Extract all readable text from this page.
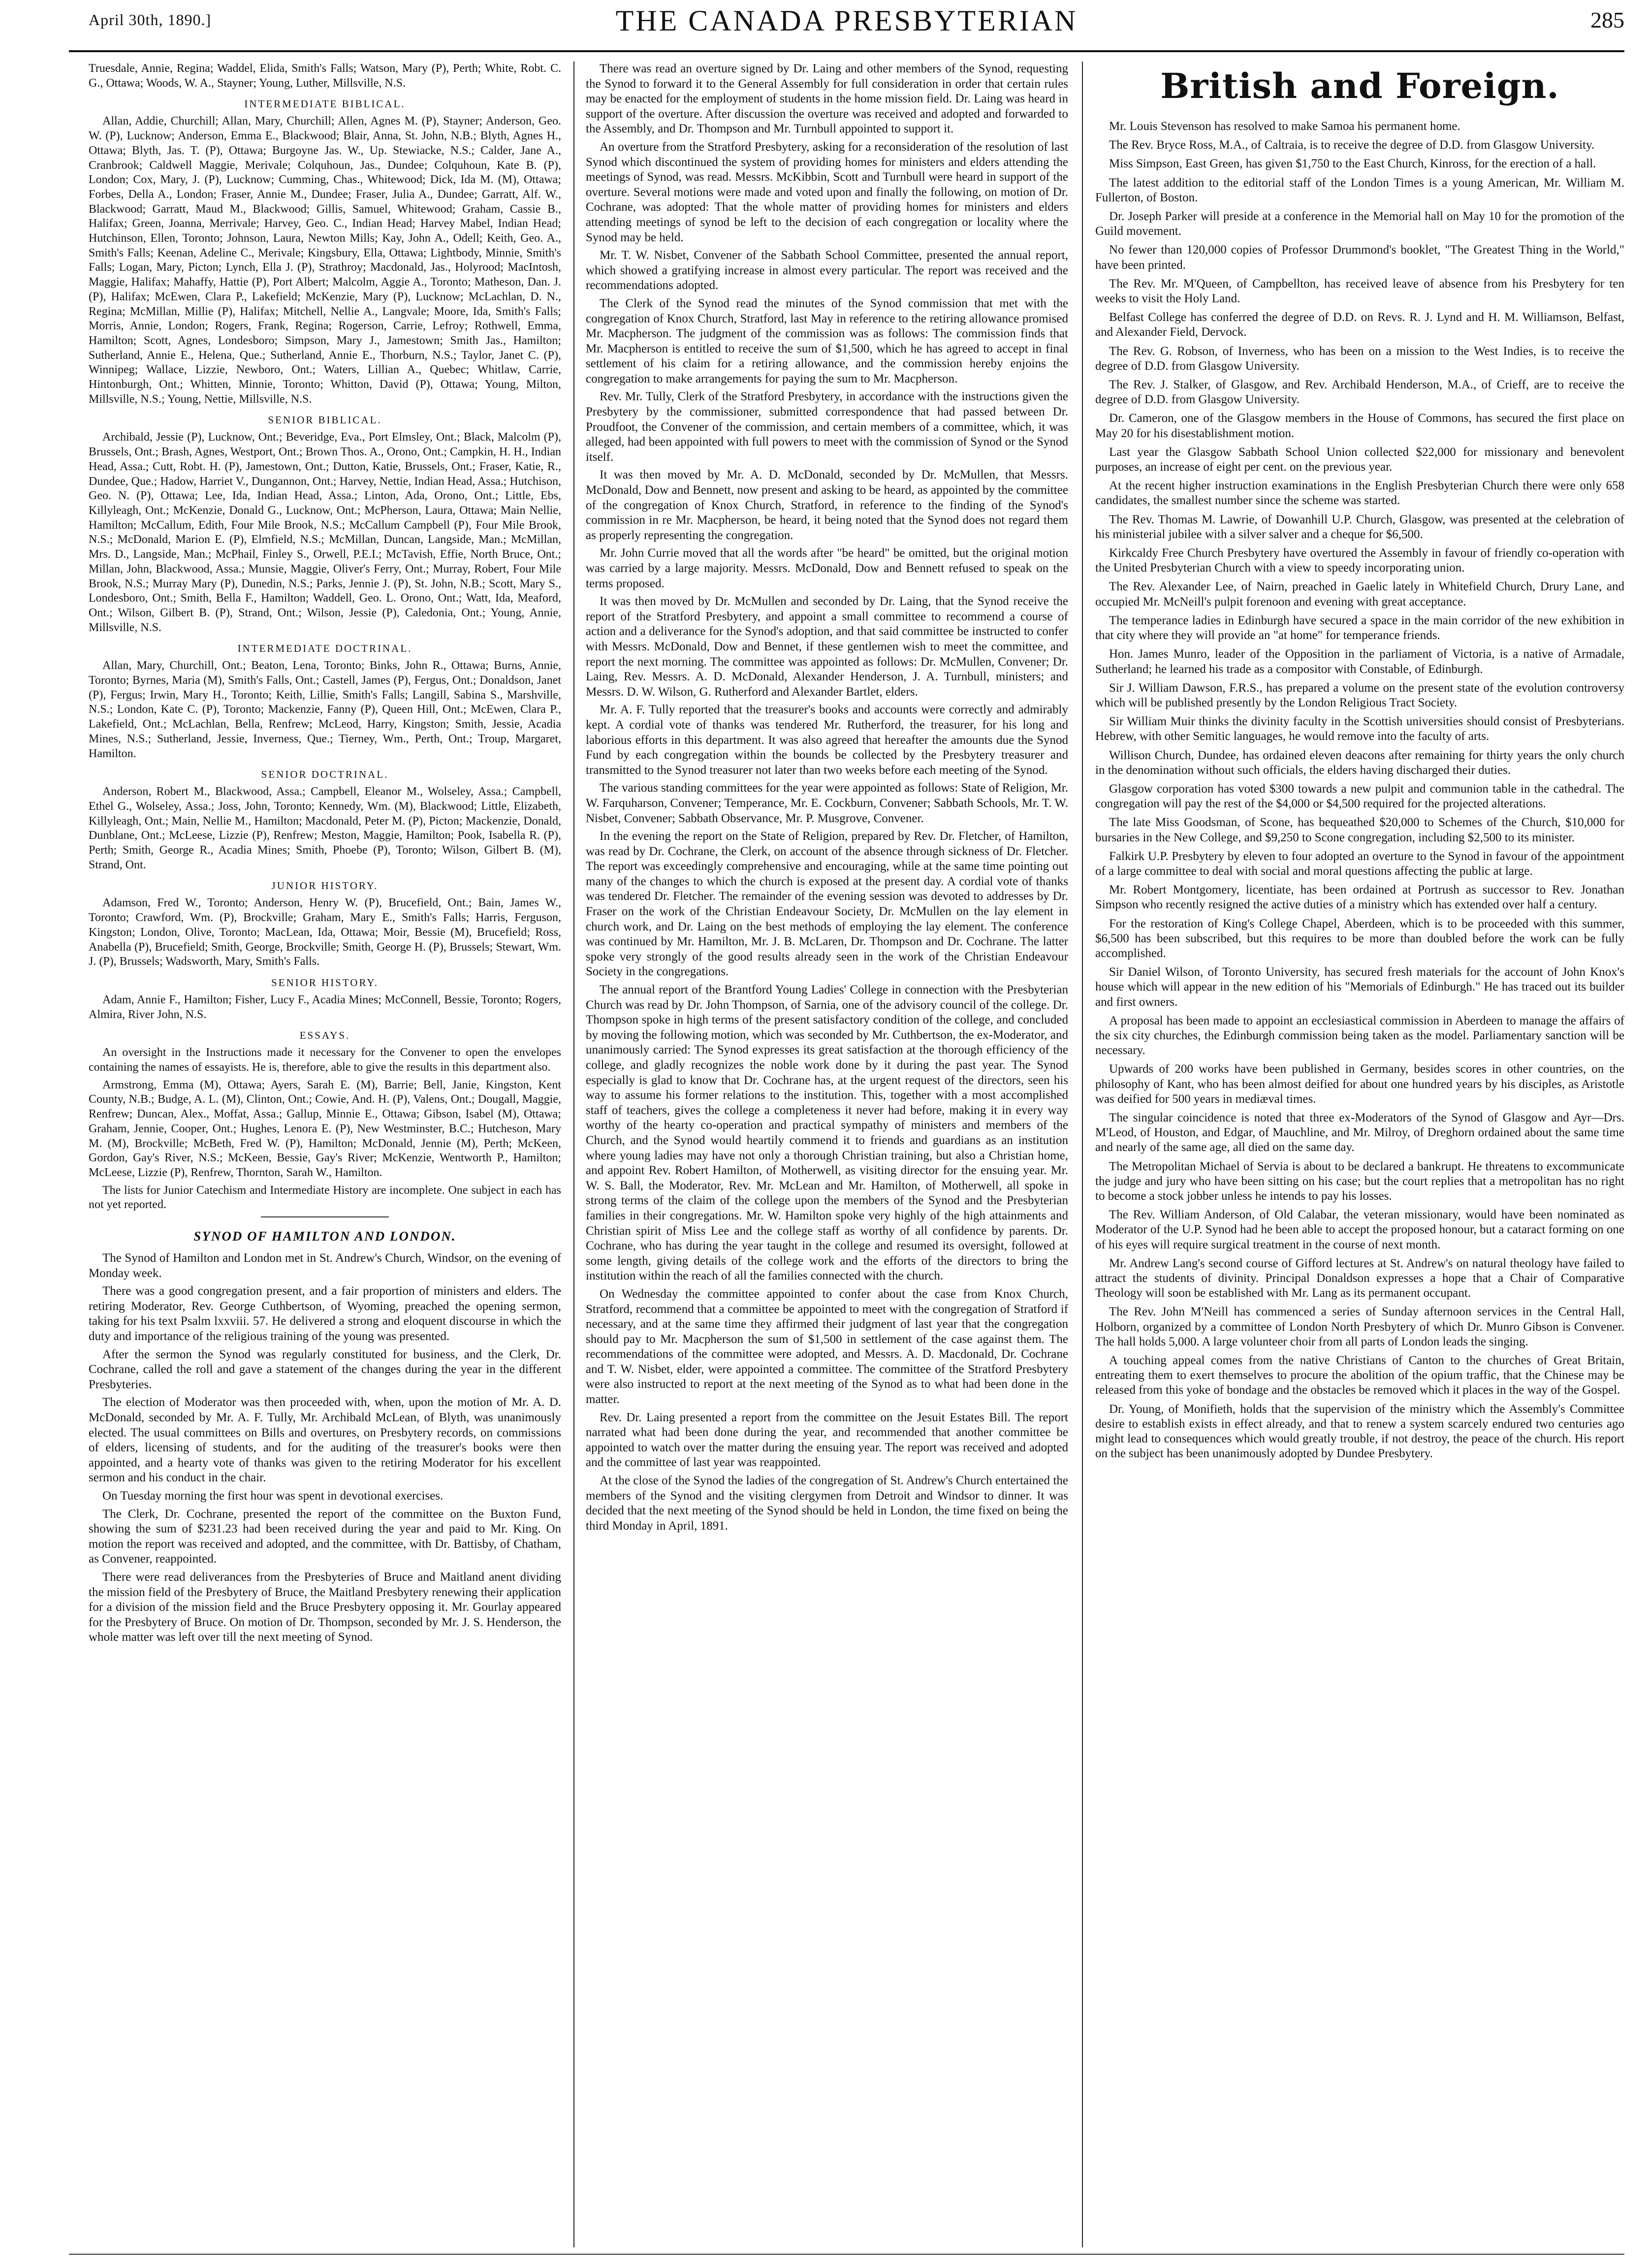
April 30th, 1890.]	THE CANADA PRESBYTERIAN	285

Truesdale, Annie, Regina; Waddel, Elida, Smith's Falls; Watson, Mary (P), Perth; White, Robt. C. G., Ottawa; Woods, W. A., Stayner; Young, Luther, Millsville, N.S.

INTERMEDIATE BIBLICAL.

Allan, Addie, Churchill; Allan, Mary, Churchill; Allen, Agnes M. (P), Stayner; Anderson, Geo. W. (P), Lucknow; Anderson, Emma E., Blackwood; Blair, Anna, St. John, N.B.; Blyth, Agnes H., Ottawa; Blyth, Jas. T. (P), Ottawa; Burgoyne Jas. W., Up. Stewiacke, N.S.; Calder, Jane A., Cranbrook; Caldwell Maggie, Merivale; Colquhoun, Jas., Dundee; Colquhoun, Kate B. (P), London; Cox, Mary, J. (P), Lucknow; Cumming, Chas., Whitewood; Dick, Ida M. (M), Ottawa; Forbes, Della A., London; Fraser, Annie M., Dundee; Fraser, Julia A., Dundee; Garratt, Alf. W., Blackwood; Garratt, Maud M., Blackwood; Gillis, Samuel, Whitewood; Graham, Cassie B., Halifax; Green, Joanna, Merrivale; Harvey, Geo. C., Indian Head; Harvey Mabel, Indian Head; Hutchinson, Ellen, Toronto; Johnson, Laura, Newton Mills; Kay, John A., Odell; Keith, Geo. A., Smith's Falls; Keenan, Adeline C., Merivale; Kingsbury, Ella, Ottawa; Lightbody, Minnie, Smith's Falls; Logan, Mary, Picton; Lynch, Ella J. (P), Strathroy; Macdonald, Jas., Holyrood; MacIntosh, Maggie, Halifax; Mahaffy, Hattie (P), Port Albert; Malcolm, Aggie A., Toronto; Matheson, Dan. J. (P), Halifax; McEwen, Clara P., Lakefield; McKenzie, Mary (P), Lucknow; McLachlan, D. N., Regina; McMillan, Millie (P), Halifax; Mitchell, Nellie A., Langvale; Moore, Ida, Smith's Falls; Morris, Annie, London; Rogers, Frank, Regina; Rogerson, Carrie, Lefroy; Rothwell, Emma, Hamilton; Scott, Agnes, Londesboro; Simpson, Mary J., Jamestown; Smith Jas., Hamilton; Sutherland, Annie E., Helena, Que.; Sutherland, Annie E., Thorburn, N.S.; Taylor, Janet C. (P), Winnipeg; Wallace, Lizzie, Newboro, Ont.; Waters, Lillian A., Quebec; Whitlaw, Carrie, Hintonburgh, Ont.; Whitten, Minnie, Toronto; Whitton, David (P), Ottawa; Young, Milton, Millsville, N.S.; Young, Nettie, Millsville, N.S.

SENIOR BIBLICAL.

Archibald, Jessie (P), Lucknow, Ont.; Beveridge, Eva., Port Elmsley, Ont.; Black, Malcolm (P), Brussels, Ont.; Brash, Agnes, Westport, Ont.; Brown Thos. A., Orono, Ont.; Campkin, H. H., Indian Head, Assa.; Cutt, Robt. H. (P), Jamestown, Ont.; Dutton, Katie, Brussels, Ont.; Fraser, Katie, R., Dundee, Que.; Hadow, Harriet V., Dungannon, Ont.; Harvey, Nettie, Indian Head, Assa.; Hutchison, Geo. N. (P), Ottawa; Lee, Ida, Indian Head, Assa.; Linton, Ada, Orono, Ont.; Little, Ebs, Killyleagh, Ont.; McKenzie, Donald G., Lucknow, Ont.; McPherson, Laura, Ottawa; Main Nellie, Hamilton; McCallum, Edith, Four Mile Brook, N.S.; McCallum Campbell (P), Four Mile Brook, N.S.; McDonald, Marion E. (P), Elmfield, N.S.; McMillan, Duncan, Langside, Man.; McMillan, Mrs. D., Langside, Man.; McPhail, Finley S., Orwell, P.E.I.; McTavish, Effie, North Bruce, Ont.; Millan, John, Blackwood, Assa.; Munsie, Maggie, Oliver's Ferry, Ont.; Murray, Robert, Four Mile Brook, N.S.; Murray Mary (P), Dunedin, N.S.; Parks, Jennie J. (P), St. John, N.B.; Scott, Mary S., Londesboro, Ont.; Smith, Bella F., Hamilton; Waddell, Geo. L. Orono, Ont.; Watt, Ida, Meaford, Ont.; Wilson, Gilbert B. (P), Strand, Ont.; Wilson, Jessie (P), Caledonia, Ont.; Young, Annie, Millsville, N.S.

INTERMEDIATE DOCTRINAL.

Allan, Mary, Churchill, Ont.; Beaton, Lena, Toronto; Binks, John R., Ottawa; Burns, Annie, Toronto; Byrnes, Maria (M), Smith's Falls, Ont.; Castell, James (P), Fergus, Ont.; Donaldson, Janet (P), Fergus; Irwin, Mary H., Toronto; Keith, Lillie, Smith's Falls; Langill, Sabina S., Marshville, N.S.; London, Kate C. (P), Toronto; Mackenzie, Fanny (P), Queen Hill, Ont.; McEwen, Clara P., Lakefield, Ont.; McLachlan, Bella, Renfrew; McLeod, Harry, Kingston; Smith, Jessie, Acadia Mines, N.S.; Sutherland, Jessie, Inverness, Que.; Tierney, Wm., Perth, Ont.; Troup, Margaret, Hamilton.

SENIOR DOCTRINAL.

Anderson, Robert M., Blackwood, Assa.; Campbell, Eleanor M., Wolseley, Assa.; Campbell, Ethel G., Wolseley, Assa.; Joss, John, Toronto; Kennedy, Wm. (M), Blackwood; Little, Elizabeth, Killyleagh, Ont.; Main, Nellie M., Hamilton; Macdonald, Peter M. (P), Picton; Mackenzie, Donald, Dunblane, Ont.; McLeese, Lizzie (P), Renfrew; Meston, Maggie, Hamilton; Pook, Isabella R. (P), Perth; Smith, George R., Acadia Mines; Smith, Phoebe (P), Toronto; Wilson, Gilbert B. (M), Strand, Ont.

JUNIOR HISTORY.

Adamson, Fred W., Toronto; Anderson, Henry W. (P), Brucefield, Ont.; Bain, James W., Toronto; Crawford, Wm. (P), Brockville; Graham, Mary E., Smith's Falls; Harris, Ferguson, Kingston; London, Olive, Toronto; MacLean, Ida, Ottawa; Moir, Bessie (M), Brucefield; Ross, Anabella (P), Brucefield; Smith, George, Brockville; Smith, George H. (P), Brussels; Stewart, Wm. J. (P), Brussels; Wadsworth, Mary, Smith's Falls.

SENIOR HISTORY.

Adam, Annie F., Hamilton; Fisher, Lucy F., Acadia Mines; McConnell, Bessie, Toronto; Rogers, Almira, River John, N.S.

ESSAYS.

An oversight in the Instructions made it necessary for the Convener to open the envelopes containing the names of essayists. He is, therefore, able to give the results in this department also.

Armstrong, Emma (M), Ottawa; Ayers, Sarah E. (M), Barrie; Bell, Janie, Kingston, Kent County, N.B.; Budge, A. L. (M), Clinton, Ont.; Cowie, And. H. (P), Valens, Ont.; Dougall, Maggie, Renfrew; Duncan, Alex., Moffat, Assa.; Gallup, Minnie E., Ottawa; Gibson, Isabel (M), Ottawa; Graham, Jennie, Cooper, Ont.; Hughes, Lenora E. (P), New Westminster, B.C.; Hutcheson, Mary M. (M), Brockville; McBeth, Fred W. (P), Hamilton; McDonald, Jennie (M), Perth; McKeen, Gordon, Gay's River, N.S.; McKeen, Bessie, Gay's River; McKenzie, Wentworth P., Hamilton; McLeese, Lizzie (P), Renfrew, Thornton, Sarah W., Hamilton.

The lists for Junior Catechism and Intermediate History are incomplete. One subject in each has not yet reported.

SYNOD OF HAMILTON AND LONDON.

The Synod of Hamilton and London met in St. Andrew's Church, Windsor, on the evening of Monday week.

There was a good congregation present, and a fair proportion of ministers and elders. The retiring Moderator, Rev. George Cuthbertson, of Wyoming, preached the opening sermon, taking for his text Psalm lxxviii. 57. He delivered a strong and eloquent discourse in which the duty and importance of the religious training of the young was presented.

After the sermon the Synod was regularly constituted for business, and the Clerk, Dr. Cochrane, called the roll and gave a statement of the changes during the year in the different Presbyteries.

The election of Moderator was then proceeded with, when, upon the motion of Mr. A. D. McDonald, seconded by Mr. A. F. Tully, Mr. Archibald McLean, of Blyth, was unanimously elected. The usual committees on Bills and overtures, on Presbytery records, on commissions of elders, licensing of students, and for the auditing of the treasurer's books were then appointed, and a hearty vote of thanks was given to the retiring Moderator for his excellent sermon and his conduct in the chair.

On Tuesday morning the first hour was spent in devotional exercises.

The Clerk, Dr. Cochrane, presented the report of the committee on the Buxton Fund, showing the sum of $231.23 had been received during the year and paid to Mr. King. On motion the report was received and adopted, and the committee, with Dr. Battisby, of Chatham, as Convener, reappointed.

There were read deliverances from the Presbyteries of Bruce and Maitland anent dividing the mission field of the Presbytery of Bruce, the Maitland Presbytery renewing their application for a division of the mission field and the Bruce Presbytery opposing it. Mr. Gourlay appeared for the Presbytery of Bruce. On motion of Dr. Thompson, seconded by Mr. J. S. Henderson, the whole matter was left over till the next meeting of Synod.

There was read an overture signed by Dr. Laing and other members of the Synod, requesting the Synod to forward it to the General Assembly for full consideration in order that certain rules may be enacted for the employment of students in the home mission field. Dr. Laing was heard in support of the overture. After discussion the overture was received and adopted and forwarded to the Assembly, and Dr. Thompson and Mr. Turnbull appointed to support it.

An overture from the Stratford Presbytery, asking for a reconsideration of the resolution of last Synod which discontinued the system of providing homes for ministers and elders attending the meetings of Synod, was read. Messrs. McKibbin, Scott and Turnbull were heard in support of the overture. Several motions were made and voted upon and finally the following, on motion of Dr. Cochrane, was adopted: That the whole matter of providing homes for ministers and elders attending meetings of synod be left to the decision of each congregation or locality where the Synod may be held.

Mr. T. W. Nisbet, Convener of the Sabbath School Committee, presented the annual report, which showed a gratifying increase in almost every particular. The report was received and the recommendations adopted.

The Clerk of the Synod read the minutes of the Synod commission that met with the congregation of Knox Church, Stratford, last May in reference to the retiring allowance promised Mr. Macpherson. The judgment of the commission was as follows: The commission finds that Mr. Macpherson is entitled to receive the sum of $1,500, which he has agreed to accept in final settlement of his claim for a retiring allowance, and the commission hereby enjoins the congregation to make arrangements for paying the sum to Mr. Macpherson.

Rev. Mr. Tully, Clerk of the Stratford Presbytery, in accordance with the instructions given the Presbytery by the commissioner, submitted correspondence that had passed between Dr. Proudfoot, the Convener of the commission, and certain members of a committee, which, it was alleged, had been appointed with full powers to meet with the commission of Synod or the Synod itself.

It was then moved by Mr. A. D. McDonald, seconded by Dr. McMullen, that Messrs. McDonald, Dow and Bennett, now present and asking to be heard, as appointed by the committee of the congregation of Knox Church, Stratford, in reference to the finding of the Synod's commission in re Mr. Macpherson, be heard, it being noted that the Synod does not regard them as properly representing the congregation.

Mr. John Currie moved that all the words after "be heard" be omitted, but the original motion was carried by a large majority. Messrs. McDonald, Dow and Bennett refused to speak on the terms proposed.

It was then moved by Dr. McMullen and seconded by Dr. Laing, that the Synod receive the report of the Stratford Presbytery, and appoint a small committee to recommend a course of action and a deliverance for the Synod's adoption, and that said committee be instructed to confer with Messrs. McDonald, Dow and Bennet, if these gentlemen wish to meet the committee, and report the next morning. The committee was appointed as follows: Dr. McMullen, Convener; Dr. Laing, Rev. Messrs. A. D. McDonald, Alexander Henderson, J. A. Turnbull, ministers; and Messrs. D. W. Wilson, G. Rutherford and Alexander Bartlet, elders.

Mr. A. F. Tully reported that the treasurer's books and accounts were correctly and admirably kept. A cordial vote of thanks was tendered Mr. Rutherford, the treasurer, for his long and laborious efforts in this department. It was also agreed that hereafter the amounts due the Synod Fund by each congregation within the bounds be collected by the Presbytery treasurer and transmitted to the Synod treasurer not later than two weeks before each meeting of the Synod.

The various standing committees for the year were appointed as follows: State of Religion, Mr. W. Farquharson, Convener; Temperance, Mr. E. Cockburn, Convener; Sabbath Schools, Mr. T. W. Nisbet, Convener; Sabbath Observance, Mr. P. Musgrove, Convener.

In the evening the report on the State of Religion, prepared by Rev. Dr. Fletcher, of Hamilton, was read by Dr. Cochrane, the Clerk, on account of the absence through sickness of Dr. Fletcher. The report was exceedingly comprehensive and encouraging, while at the same time pointing out many of the changes to which the church is exposed at the present day. A cordial vote of thanks was tendered Dr. Fletcher. The remainder of the evening session was devoted to addresses by Dr. Fraser on the work of the Christian Endeavour Society, Dr. McMullen on the lay element in church work, and Dr. Laing on the best methods of employing the lay element. The conference was continued by Mr. Hamilton, Mr. J. B. McLaren, Dr. Thompson and Dr. Cochrane. The latter spoke very strongly of the good results already seen in the work of the Christian Endeavour Society in the congregations.

The annual report of the Brantford Young Ladies' College in connection with the Presbyterian Church was read by Dr. John Thompson, of Sarnia, one of the advisory council of the college. Dr. Thompson spoke in high terms of the present satisfactory condition of the college, and concluded by moving the following motion, which was seconded by Mr. Cuthbertson, the ex-Moderator, and unanimously carried: The Synod expresses its great satisfaction at the thorough efficiency of the college, and gladly recognizes the noble work done by it during the past year. The Synod especially is glad to know that Dr. Cochrane has, at the urgent request of the directors, seen his way to assume his former relations to the institution. This, together with a most accomplished staff of teachers, gives the college a completeness it never had before, making it in every way worthy of the hearty co-operation and practical sympathy of ministers and members of the Church, and the Synod would heartily commend it to friends and guardians as an institution where young ladies may have not only a thorough Christian training, but also a Christian home, and appoint Rev. Robert Hamilton, of Motherwell, as visiting director for the ensuing year. Mr. W. S. Ball, the Moderator, Rev. Mr. McLean and Mr. Hamilton, of Motherwell, all spoke in strong terms of the claim of the college upon the members of the Synod and the Presbyterian families in their congregations. Mr. W. Hamilton spoke very highly of the high attainments and Christian spirit of Miss Lee and the college staff as worthy of all confidence by parents. Dr. Cochrane, who has during the year taught in the college and resumed its oversight, followed at some length, giving details of the college work and the efforts of the directors to bring the institution within the reach of all the families connected with the church.

On Wednesday the committee appointed to confer about the case from Knox Church, Stratford, recommend that a committee be appointed to meet with the congregation of Stratford if necessary, and at the same time they affirmed their judgment of last year that the congregation should pay to Mr. Macpherson the sum of $1,500 in settlement of the case against them. The recommendations of the committee were adopted, and Messrs. A. D. Macdonald, Dr. Cochrane and T. W. Nisbet, elder, were appointed a committee. The committee of the Stratford Presbytery were also instructed to report at the next meeting of the Synod as to what had been done in the matter.

Rev. Dr. Laing presented a report from the committee on the Jesuit Estates Bill. The report narrated what had been done during the year, and recommended that another committee be appointed to watch over the matter during the ensuing year. The report was received and adopted and the committee of last year was reappointed.

At the close of the Synod the ladies of the congregation of St. Andrew's Church entertained the members of the Synod and the visiting clergymen from Detroit and Windsor to dinner. It was decided that the next meeting of the Synod should be held in London, the time fixed on being the third Monday in April, 1891.

British and Foreign.

Mr. Louis Stevenson has resolved to make Samoa his permanent home.

The Rev. Bryce Ross, M.A., of Caltraia, is to receive the degree of D.D. from Glasgow University.

Miss Simpson, East Green, has given $1,750 to the East Church, Kinross, for the erection of a hall.

The latest addition to the editorial staff of the London Times is a young American, Mr. William M. Fullerton, of Boston.

Dr. Joseph Parker will preside at a conference in the Memorial hall on May 10 for the promotion of the Guild movement.

No fewer than 120,000 copies of Professor Drummond's booklet, "The Greatest Thing in the World," have been printed.

The Rev. Mr. M'Queen, of Campbellton, has received leave of absence from his Presbytery for ten weeks to visit the Holy Land.

Belfast College has conferred the degree of D.D. on Revs. R. J. Lynd and H. M. Williamson, Belfast, and Alexander Field, Dervock.

The Rev. G. Robson, of Inverness, who has been on a mission to the West Indies, is to receive the degree of D.D. from Glasgow University.

The Rev. J. Stalker, of Glasgow, and Rev. Archibald Henderson, M.A., of Crieff, are to receive the degree of D.D. from Glasgow University.

Dr. Cameron, one of the Glasgow members in the House of Commons, has secured the first place on May 20 for his disestablishment motion.

Last year the Glasgow Sabbath School Union collected $22,000 for missionary and benevolent purposes, an increase of eight per cent. on the previous year.

At the recent higher instruction examinations in the English Presbyterian Church there were only 658 candidates, the smallest number since the scheme was started.

The Rev. Thomas M. Lawrie, of Dowanhill U.P. Church, Glasgow, was presented at the celebration of his ministerial jubilee with a silver salver and a cheque for $6,500.

Kirkcaldy Free Church Presbytery have overtured the Assembly in favour of friendly co-operation with the United Presbyterian Church with a view to speedy incorporating union.

The Rev. Alexander Lee, of Nairn, preached in Gaelic lately in Whitefield Church, Drury Lane, and occupied Mr. McNeill's pulpit forenoon and evening with great acceptance.

The temperance ladies in Edinburgh have secured a space in the main corridor of the new exhibition in that city where they will provide an "at home" for temperance friends.

Hon. James Munro, leader of the Opposition in the parliament of Victoria, is a native of Armadale, Sutherland; he learned his trade as a compositor with Constable, of Edinburgh.

Sir J. William Dawson, F.R.S., has prepared a volume on the present state of the evolution controversy which will be published presently by the London Religious Tract Society.

Sir William Muir thinks the divinity faculty in the Scottish universities should consist of Presbyterians. Hebrew, with other Semitic languages, he would remove into the faculty of arts.

Willison Church, Dundee, has ordained eleven deacons after remaining for thirty years the only church in the denomination without such officials, the elders having discharged their duties.

Glasgow corporation has voted $300 towards a new pulpit and communion table in the cathedral. The congregation will pay the rest of the $4,000 or $4,500 required for the projected alterations.

The late Miss Goodsman, of Scone, has bequeathed $20,000 to Schemes of the Church, $10,000 for bursaries in the New College, and $9,250 to Scone congregation, including $2,500 to its minister.

Falkirk U.P. Presbytery by eleven to four adopted an overture to the Synod in favour of the appointment of a large committee to deal with social and moral questions affecting the public at large.

Mr. Robert Montgomery, licentiate, has been ordained at Portrush as successor to Rev. Jonathan Simpson who recently resigned the active duties of a ministry which has extended over half a century.

For the restoration of King's College Chapel, Aberdeen, which is to be proceeded with this summer, $6,500 has been subscribed, but this requires to be more than doubled before the work can be fully accomplished.

Sir Daniel Wilson, of Toronto University, has secured fresh materials for the account of John Knox's house which will appear in the new edition of his "Memorials of Edinburgh." He has traced out its builder and first owners.

A proposal has been made to appoint an ecclesiastical commission in Aberdeen to manage the affairs of the six city churches, the Edinburgh commission being taken as the model. Parliamentary sanction will be necessary.

Upwards of 200 works have been published in Germany, besides scores in other countries, on the philosophy of Kant, who has been almost deified for about one hundred years by his disciples, as Aristotle was deified for 500 years in mediæval times.

The singular coincidence is noted that three ex-Moderators of the Synod of Glasgow and Ayr—Drs. M'Leod, of Houston, and Edgar, of Mauchline, and Mr. Milroy, of Dreghorn ordained about the same time and nearly of the same age, all died on the same day.

The Metropolitan Michael of Servia is about to be declared a bankrupt. He threatens to excommunicate the judge and jury who have been sitting on his case; but the court replies that a metropolitan has no right to become a stock jobber unless he intends to pay his losses.

The Rev. William Anderson, of Old Calabar, the veteran missionary, would have been nominated as Moderator of the U.P. Synod had he been able to accept the proposed honour, but a cataract forming on one of his eyes will require surgical treatment in the course of next month.

Mr. Andrew Lang's second course of Gifford lectures at St. Andrew's on natural theology have failed to attract the students of divinity. Principal Donaldson expresses a hope that a Chair of Comparative Theology will soon be established with Mr. Lang as its permanent occupant.

The Rev. John M'Neill has commenced a series of Sunday afternoon services in the Central Hall, Holborn, organized by a committee of London North Presbytery of which Dr. Munro Gibson is Convener. The hall holds 5,000. A large volunteer choir from all parts of London leads the singing.

A touching appeal comes from the native Christians of Canton to the churches of Great Britain, entreating them to exert themselves to procure the abolition of the opium traffic, that the Chinese may be released from this yoke of bondage and the obstacles be removed which it places in the way of the Gospel.

Dr. Young, of Monifieth, holds that the supervision of the ministry which the Assembly's Committee desire to establish exists in effect already, and that to renew a system scarcely endured two centuries ago might lead to consequences which would greatly trouble, if not destroy, the peace of the church. His report on the subject has been unanimously adopted by Dundee Presbytery.
